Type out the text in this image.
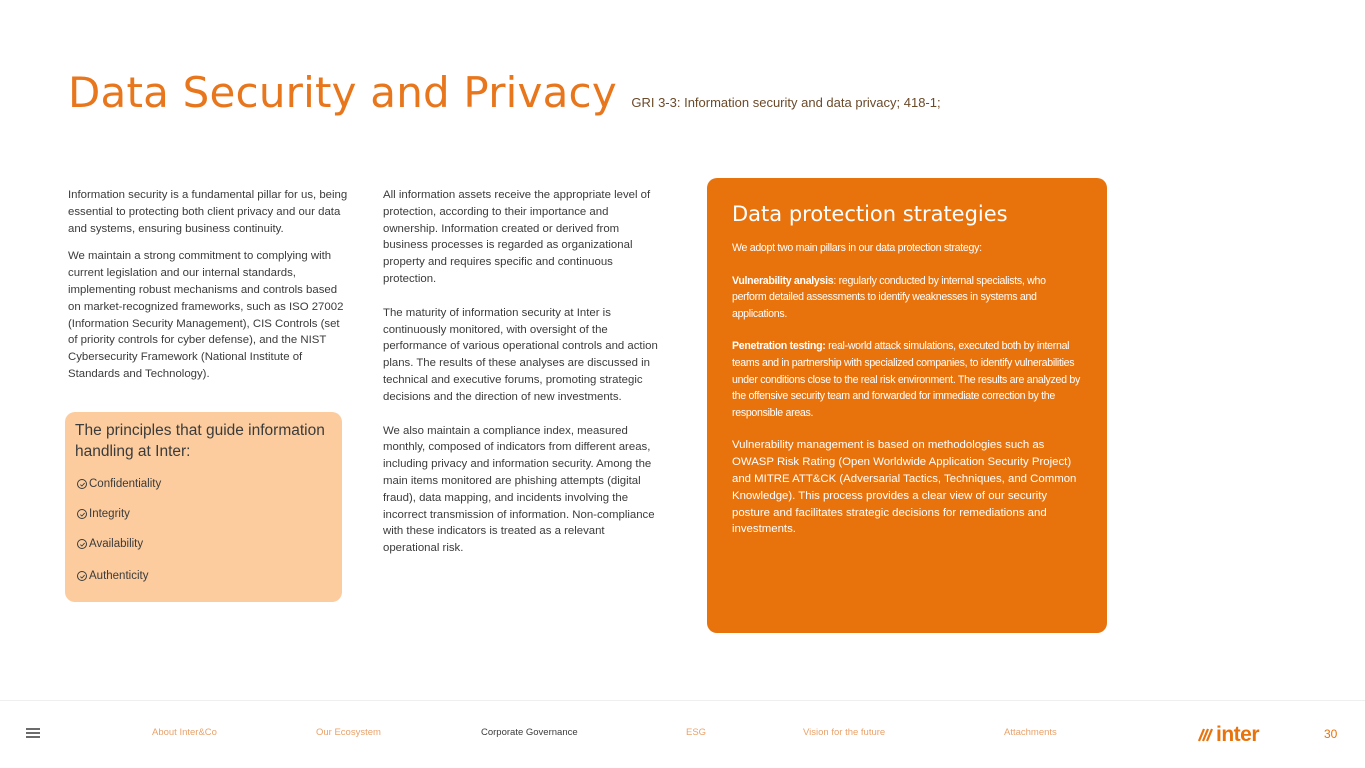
Data Security and Privacy GRI 3-3: Information security and data privacy; 418-1;

Information security is a fundamental pillar for us, being essential to protecting both client privacy and our data and systems, ensuring business continuity.

We maintain a strong commitment to complying with current legislation and our internal standards, implementing robust mechanisms and controls based on market-recognized frameworks, such as ISO 27002 (Information Security Management), CIS Controls (set of priority controls for cyber defense), and the NIST Cybersecurity Framework (National Institute of Standards and Technology).

The principles that guide information handling at Inter:

Confidentiality
Integrity
Availability
Authenticity

All information assets receive the appropriate level of protection, according to their importance and ownership. Information created or derived from business processes is regarded as organizational property and requires specific and continuous protection.

The maturity of information security at Inter is continuously monitored, with oversight of the performance of various operational controls and action plans. The results of these analyses are discussed in technical and executive forums, promoting strategic decisions and the direction of new investments.

We also maintain a compliance index, measured monthly, composed of indicators from different areas, including privacy and information security. Among the main items monitored are phishing attempts (digital fraud), data mapping, and incidents involving the incorrect transmission of information. Non-compliance with these indicators is treated as a relevant operational risk.

Data protection strategies

We adopt two main pillars in our data protection strategy:

Vulnerability analysis: regularly conducted by internal specialists, who perform detailed assessments to identify weaknesses in systems and applications.

Penetration testing: real-world attack simulations, executed both by internal teams and in partnership with specialized companies, to identify vulnerabilities under conditions close to the real risk environment. The results are analyzed by the offensive security team and forwarded for immediate correction by the responsible areas.

Vulnerability management is based on methodologies such as OWASP Risk Rating (Open Worldwide Application Security Project) and MITRE ATT&CK (Adversarial Tactics, Techniques, and Common Knowledge). This process provides a clear view of our security posture and facilitates strategic decisions for remediations and investments.

About Inter&Co	Our Ecosystem	Corporate Governance	ESG	Vision for the future	Attachments	inter	30
